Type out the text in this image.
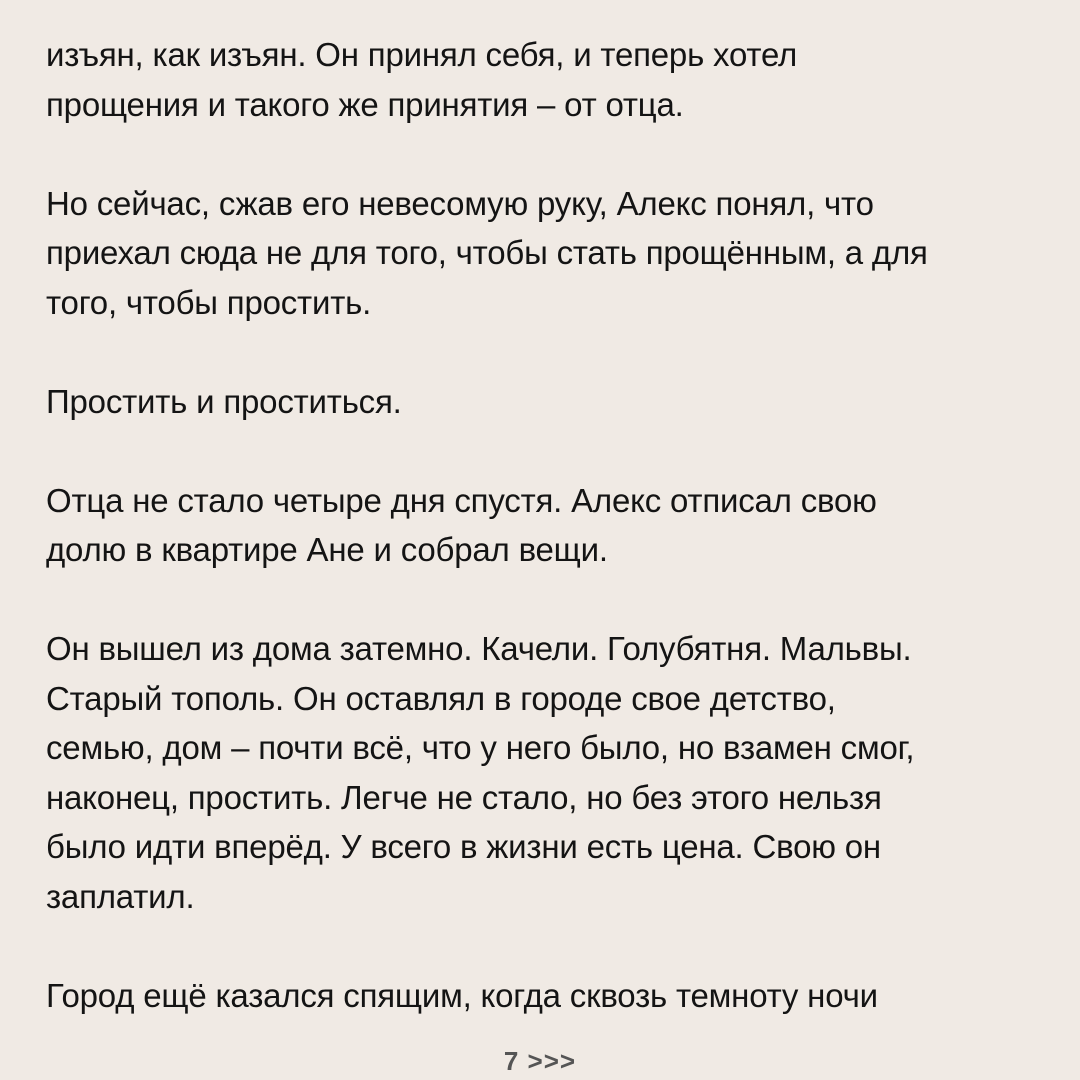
изъян, как изъян. Он принял себя, и теперь хотел
прощения и такого же принятия – от отца.
Но сейчас, сжав его невесомую руку, Алекс понял, что
приехал сюда не для того, чтобы стать прощённым, а для
того, чтобы простить.
Простить и проститься.
Отца не стало четыре дня спустя. Алекс отписал свою
долю в квартире Ане и собрал вещи.
Он вышел из дома затемно. Качели. Голубятня. Мальвы.
Старый тополь. Он оставлял в городе свое детство,
семью, дом – почти всё, что у него было, но взамен смог,
наконец, простить. Легче не стало, но без этого нельзя
было идти вперёд. У всего в жизни есть цена. Свою он
заплатил.
Город ещё казался спящим, когда сквозь темноту ночи
7 >>>
